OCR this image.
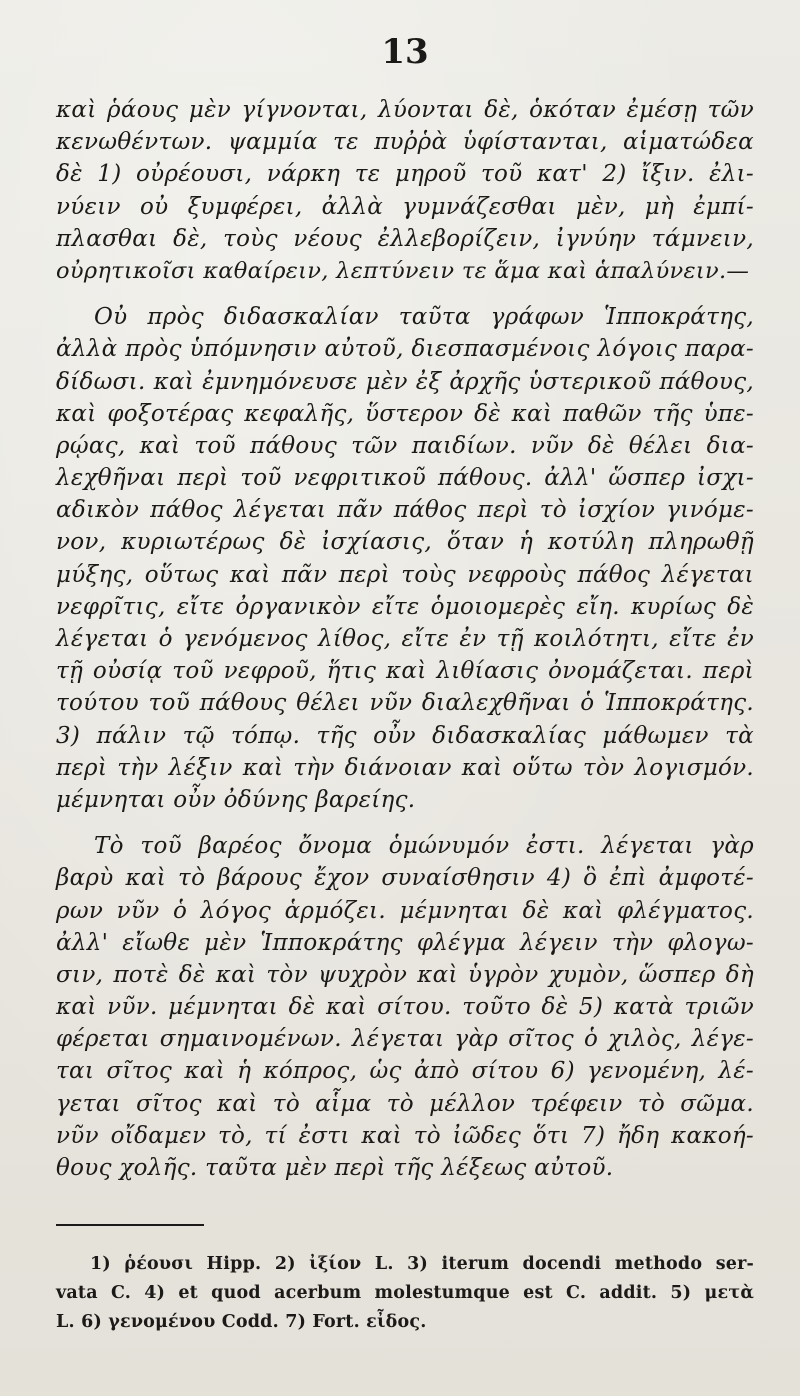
13
καὶ ῥάους μὲν γίγνονται, λύονται δὲ, ὁκόταν ἐμέσῃ τῶν
κενωθέντων. ψαμμία τε πυῤῥὰ ὑφίστανται, αἱματώδεα
δὲ 1) οὐρέουσι, νάρκη τε μηροῦ τοῦ κατ' 2) ἴξιν. ἐλι-
νύειν οὐ ξυμφέρει, ἀλλὰ γυμνάζεσθαι μὲν, μὴ ἐμπί-
πλασθαι δὲ, τοὺς νέους ἐλλεβορίζειν, ἰγνύην τάμνειν,
οὐρητικοῖσι καθαίρειν, λεπτύνειν τε ἅμα καὶ ἁπαλύνειν.—
Οὐ πρὸς διδασκαλίαν ταῦτα γράφων Ἱπποκράτης,
ἀλλὰ πρὸς ὑπόμνησιν αὐτοῦ, διεσπασμένοις λόγοις παρα-
δίδωσι. καὶ ἐμνημόνευσε μὲν ἐξ ἀρχῆς ὑστερικοῦ πάθους,
καὶ φοξοτέρας κεφαλῆς, ὕστερον δὲ καὶ παθῶν τῆς ὑπε-
ρῴας, καὶ τοῦ πάθους τῶν παιδίων. νῦν δὲ θέλει δια-
λεχθῆναι περὶ τοῦ νεφριτικοῦ πάθους. ἀλλ' ὥσπερ ἰσχι-
αδικὸν πάθος λέγεται πᾶν πάθος περὶ τὸ ἰσχίον γινόμε-
νον, κυριωτέρως δὲ ἰσχίασις, ὅταν ἡ κοτύλη πληρωθῇ
μύξης, οὕτως καὶ πᾶν περὶ τοὺς νεφροὺς πάθος λέγεται
νεφρῖτις, εἴτε ὀργανικὸν εἴτε ὁμοιομερὲς εἴη. κυρίως δὲ
λέγεται ὁ γενόμενος λίθος, εἴτε ἐν τῇ κοιλότητι, εἴτε ἐν
τῇ οὐσίᾳ τοῦ νεφροῦ, ἥτις καὶ λιθίασις ὀνομάζεται. περὶ
τούτου τοῦ πάθους θέλει νῦν διαλεχθῆναι ὁ Ἱπποκράτης.
3) πάλιν τῷ τόπῳ. τῆς οὖν διδασκαλίας μάθωμεν τὰ
περὶ τὴν λέξιν καὶ τὴν διάνοιαν καὶ οὕτω τὸν λογισμόν.
μέμνηται οὖν ὀδύνης βαρείης.
Τὸ τοῦ βαρέος ὄνομα ὁμώνυμόν ἐστι. λέγεται γὰρ
βαρὺ καὶ τὸ βάρους ἔχον συναίσθησιν 4) ὃ ἐπὶ ἀμφοτέ-
ρων νῦν ὁ λόγος ἁρμόζει. μέμνηται δὲ καὶ φλέγματος.
ἀλλ' εἴωθε μὲν Ἱπποκράτης φλέγμα λέγειν τὴν φλογω-
σιν, ποτὲ δὲ καὶ τὸν ψυχρὸν καὶ ὑγρὸν χυμὸν, ὥσπερ δὴ
καὶ νῦν. μέμνηται δὲ καὶ σίτου. τοῦτο δὲ 5) κατὰ τριῶν
φέρεται σημαινομένων. λέγεται γὰρ σῖτος ὁ χιλὸς, λέγε-
ται σῖτος καὶ ἡ κόπρος, ὡς ἀπὸ σίτου 6) γενομένη, λέ-
γεται σῖτος καὶ τὸ αἷμα τὸ μέλλον τρέφειν τὸ σῶμα.
νῦν οἴδαμεν τὸ, τί ἐστι καὶ τὸ ἰῶδες ὅτι 7) ἤδη κακοή-
θους χολῆς. ταῦτα μὲν περὶ τῆς λέξεως αὐτοῦ.
1) ῥέουσι Hipp. 2) ἰξίον L. 3) iterum docendi methodo ser-
vata C. 4) et quod acerbum molestumque est C. addit. 5) μετὰ
L. 6) γενομένου Codd. 7) Fort. εἶδος.
